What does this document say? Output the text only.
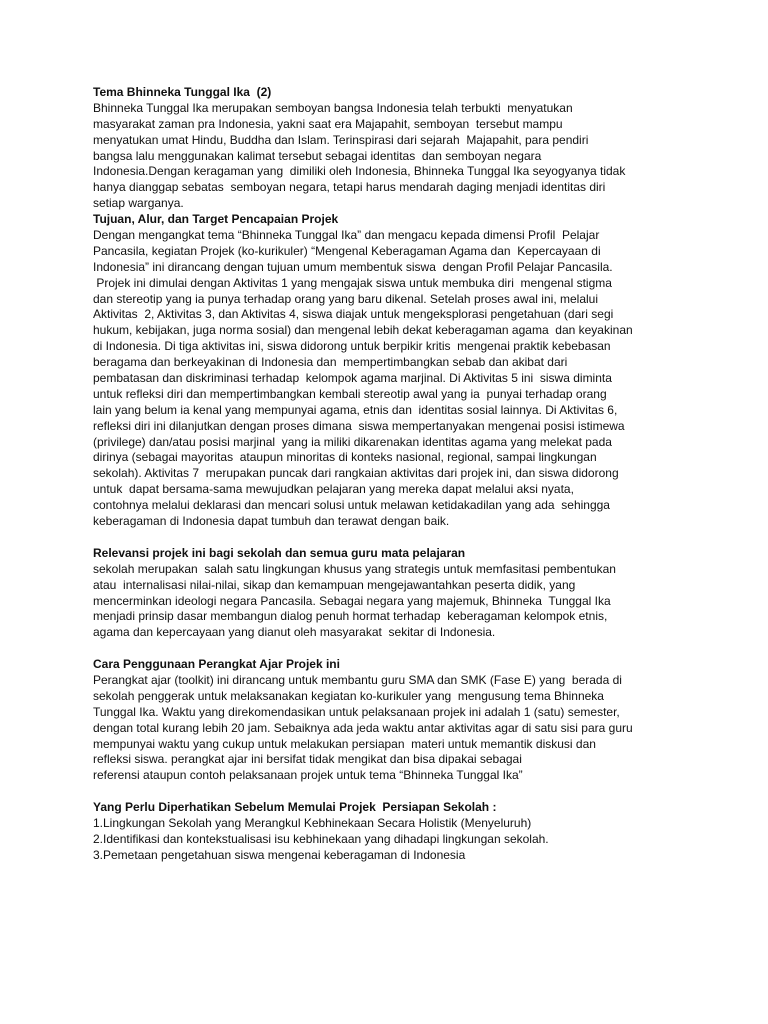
Tema Bhinneka Tunggal Ika  (2)
Bhinneka Tunggal Ika merupakan semboyan bangsa Indonesia telah terbukti  menyatukan
masyarakat zaman pra Indonesia, yakni saat era Majapahit, semboyan  tersebut mampu
menyatukan umat Hindu, Buddha dan Islam. Terinspirasi dari sejarah  Majapahit, para pendiri
bangsa lalu menggunakan kalimat tersebut sebagai identitas  dan semboyan negara
Indonesia.Dengan keragaman yang  dimiliki oleh Indonesia, Bhinneka Tunggal Ika seyogyanya tidak
hanya dianggap sebatas  semboyan negara, tetapi harus mendarah daging menjadi identitas diri
setiap warganya.
Tujuan, Alur, dan Target Pencapaian Projek
Dengan mengangkat tema “Bhinneka Tunggal Ika” dan mengacu kepada dimensi Profil  Pelajar
Pancasila, kegiatan Projek (ko-kurikuler) “Mengenal Keberagaman Agama dan  Kepercayaan di
Indonesia” ini dirancang dengan tujuan umum membentuk siswa  dengan Profil Pelajar Pancasila.
Projek ini dimulai dengan Aktivitas 1 yang mengajak siswa untuk membuka diri  mengenal stigma
dan stereotip yang ia punya terhadap orang yang baru dikenal. Setelah proses awal ini, melalui
Aktivitas  2, Aktivitas 3, dan Aktivitas 4, siswa diajak untuk mengeksplorasi pengetahuan (dari segi
hukum, kebijakan, juga norma sosial) dan mengenal lebih dekat keberagaman agama  dan keyakinan
di Indonesia. Di tiga aktivitas ini, siswa didorong untuk berpikir kritis  mengenai praktik kebebasan
beragama dan berkeyakinan di Indonesia dan  mempertimbangkan sebab dan akibat dari
pembatasan dan diskriminasi terhadap  kelompok agama marjinal. Di Aktivitas 5 ini  siswa diminta
untuk refleksi diri dan mempertimbangkan kembali stereotip awal yang ia  punyai terhadap orang
lain yang belum ia kenal yang mempunyai agama, etnis dan  identitas sosial lainnya. Di Aktivitas 6,
refleksi diri ini dilanjutkan dengan proses dimana  siswa mempertanyakan mengenai posisi istimewa
(privilege) dan/atau posisi marjinal  yang ia miliki dikarenakan identitas agama yang melekat pada
dirinya (sebagai mayoritas  ataupun minoritas di konteks nasional, regional, sampai lingkungan
sekolah). Aktivitas 7  merupakan puncak dari rangkaian aktivitas dari projek ini, dan siswa didorong
untuk  dapat bersama-sama mewujudkan pelajaran yang mereka dapat melalui aksi nyata,
contohnya melalui deklarasi dan mencari solusi untuk melawan ketidakadilan yang ada  sehingga
keberagaman di Indonesia dapat tumbuh dan terawat dengan baik.
Relevansi projek ini bagi sekolah dan semua guru mata pelajaran
sekolah merupakan  salah satu lingkungan khusus yang strategis untuk memfasitasi pembentukan
atau  internalisasi nilai-nilai, sikap dan kemampuan mengejawantahkan peserta didik, yang
mencerminkan ideologi negara Pancasila. Sebagai negara yang majemuk, Bhinneka  Tunggal Ika
menjadi prinsip dasar membangun dialog penuh hormat terhadap  keberagaman kelompok etnis,
agama dan kepercayaan yang dianut oleh masyarakat  sekitar di Indonesia.
Cara Penggunaan Perangkat Ajar Projek ini
Perangkat ajar (toolkit) ini dirancang untuk membantu guru SMA dan SMK (Fase E) yang  berada di
sekolah penggerak untuk melaksanakan kegiatan ko-kurikuler yang  mengusung tema Bhinneka
Tunggal Ika. Waktu yang direkomendasikan untuk pelaksanaan projek ini adalah 1 (satu) semester,
dengan total kurang lebih 20 jam. Sebaiknya ada jeda waktu antar aktivitas agar di satu sisi para guru
mempunyai waktu yang cukup untuk melakukan persiapan  materi untuk memantik diskusi dan
refleksi siswa. perangkat ajar ini bersifat tidak mengikat dan bisa dipakai sebagai
referensi ataupun contoh pelaksanaan projek untuk tema “Bhinneka Tunggal Ika”
Yang Perlu Diperhatikan Sebelum Memulai Projek  Persiapan Sekolah :
1.Lingkungan Sekolah yang Merangkul Kebhinekaan Secara Holistik (Menyeluruh)
2.Identifikasi dan kontekstualisasi isu kebhinekaan yang dihadapi lingkungan sekolah.
3.Pemetaan pengetahuan siswa mengenai keberagaman di Indonesia
